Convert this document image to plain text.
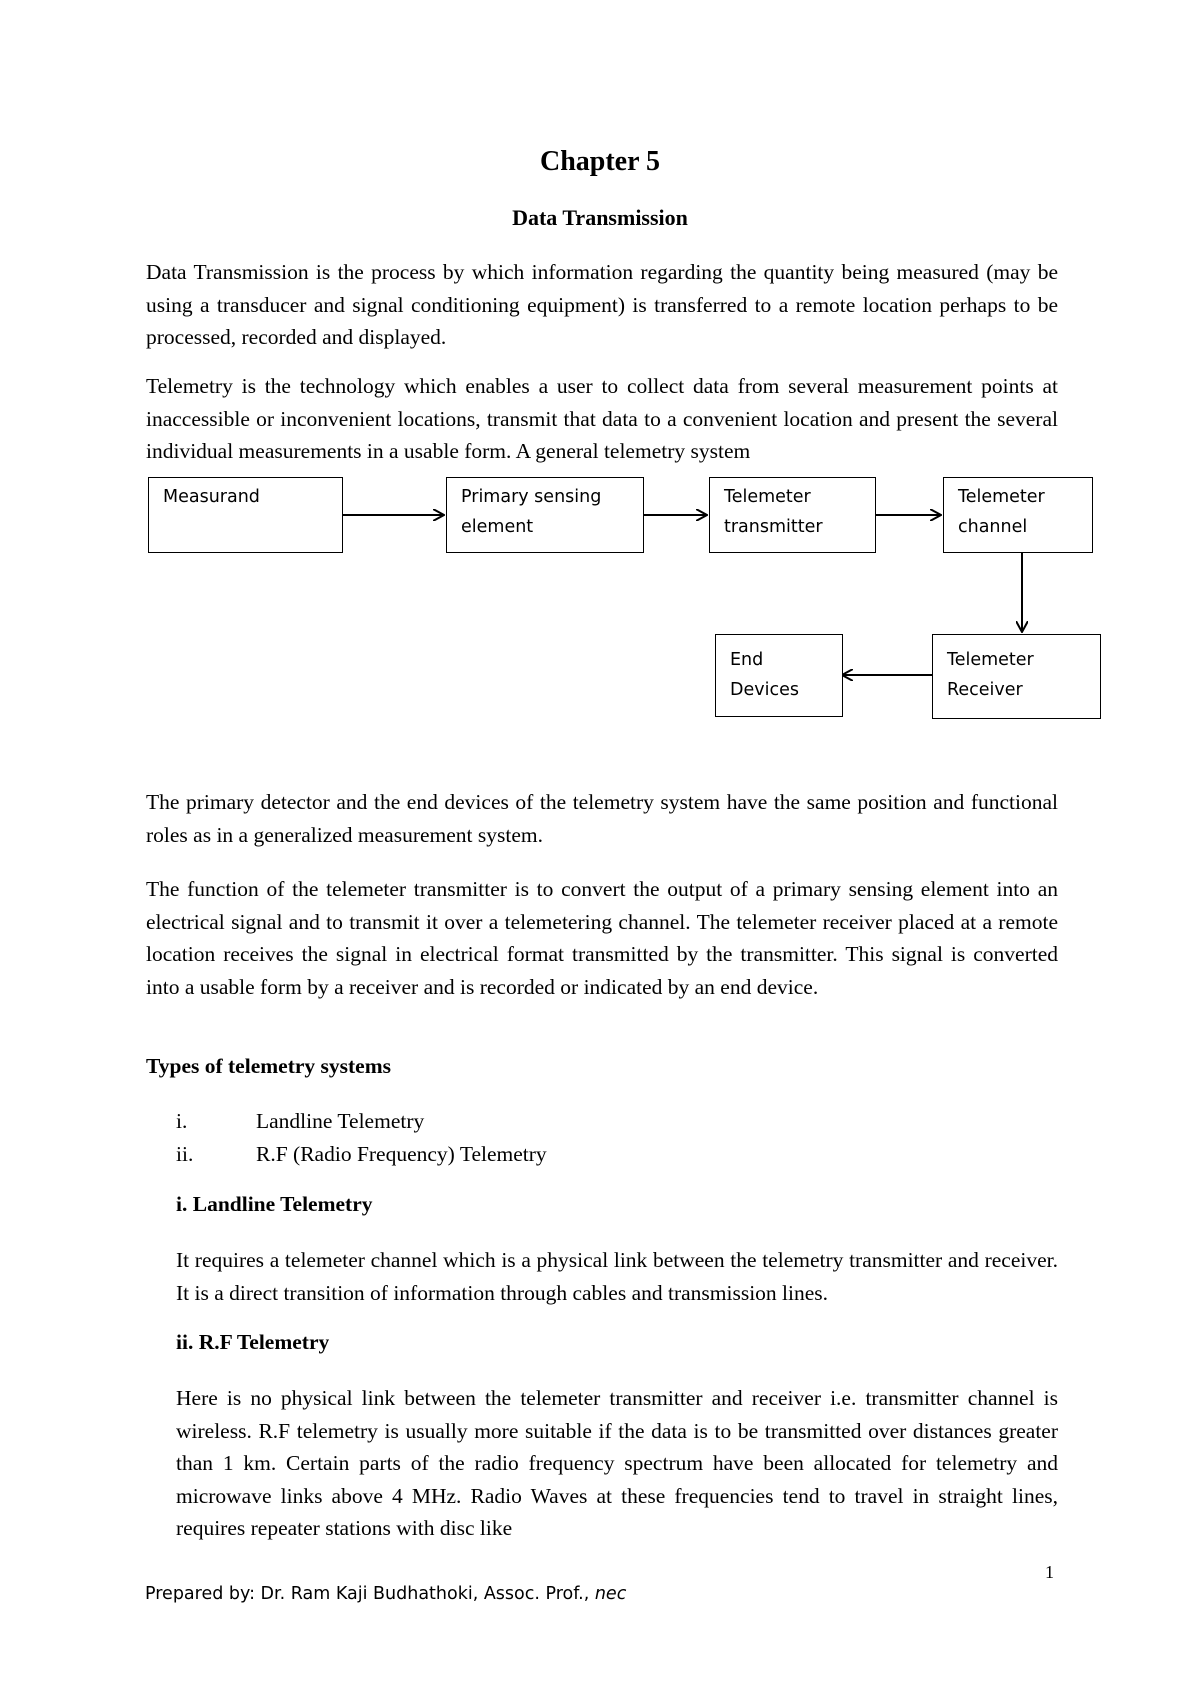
Chapter 5
Data Transmission

Data Transmission is the process by which information regarding the quantity being measured (may be using a transducer and signal conditioning equipment) is transferred to a remote location perhaps to be processed, recorded and displayed.

Telemetry is the technology which enables a user to collect data from several measurement points at inaccessible or inconvenient locations, transmit that data to a convenient location and present the several individual measurements in a usable form. A general telemetry system

Measurand	Primary sensing element
Telemeter transmitter
Telemeter channel
Telemeter Receiver
End Devices

The primary detector and the end devices of the telemetry system have the same position and functional roles as in a generalized measurement system.

The function of the telemeter transmitter is to convert the output of a primary sensing element into an electrical signal and to transmit it over a telemetering channel. The telemeter receiver placed at a remote location receives the signal in electrical format transmitted by the transmitter. This signal is converted into a usable form by a receiver and is recorded or indicated by an end device.

Types of telemetry systems
i.	Landline Telemetry
ii.	R.F (Radio Frequency) Telemetry
i. Landline Telemetry

It requires a telemeter channel which is a physical link between the telemetry transmitter and receiver. It is a direct transition of information through cables and transmission lines.

ii. R.F Telemetry

Here is no physical link between the telemeter transmitter and receiver i.e. transmitter channel is wireless. R.F telemetry is usually more suitable if the data is to be transmitted over distances greater than 1 km. Certain parts of the radio frequency spectrum have been allocated for telemetry and microwave links above 4 MHz. Radio Waves at these frequencies tend to travel in straight lines, requires repeater stations with disc like

1
Prepared by: Dr. Ram Kaji Budhathoki, Assoc. Prof., nec
